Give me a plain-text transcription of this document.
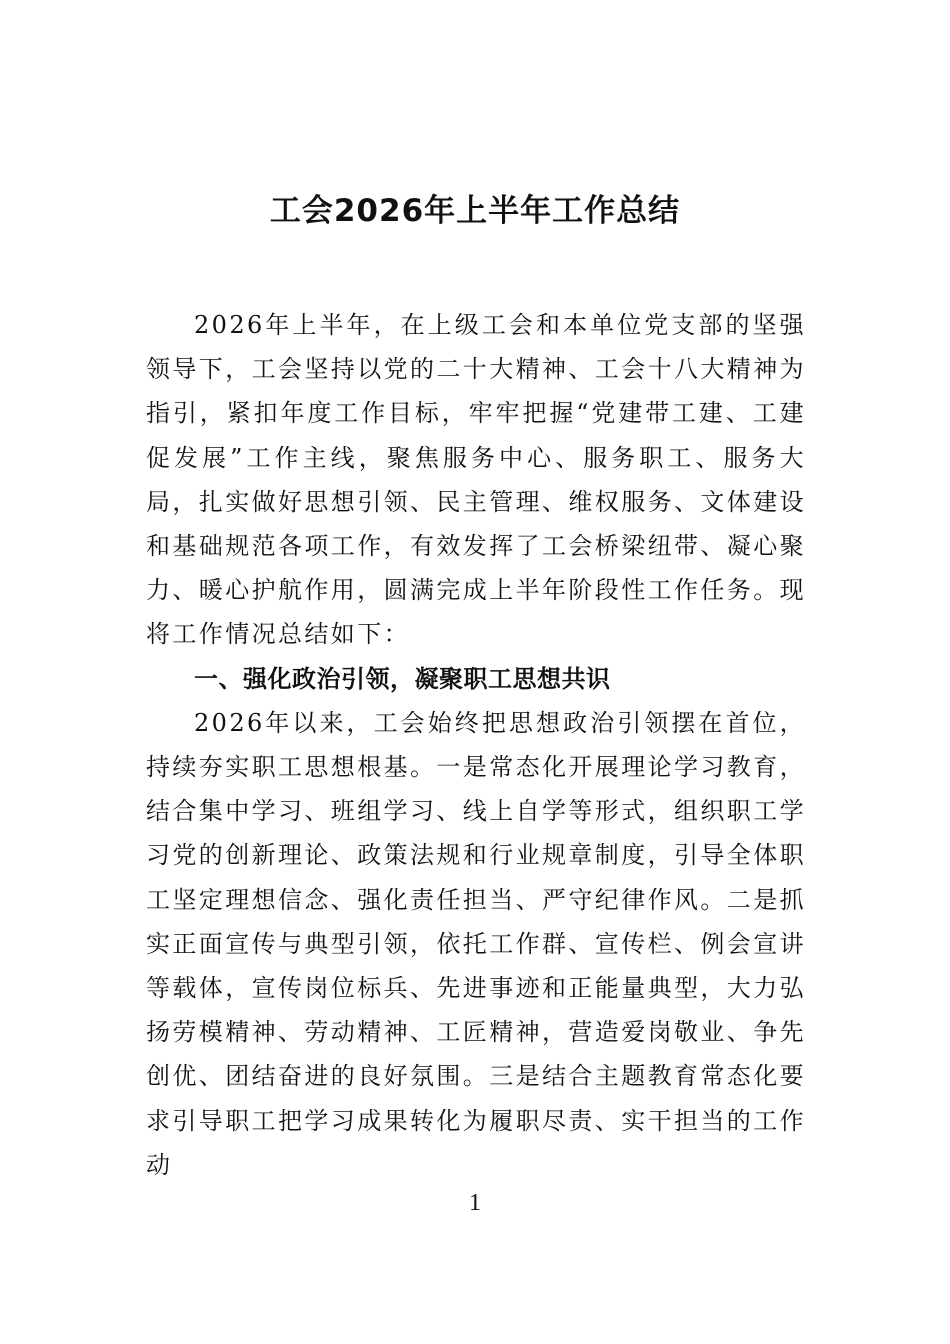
工会2026年上半年工作总结

2026年上半年，在上级工会和本单位党支部的坚强领导下，工会坚持以党的二十大精神、工会十八大精神为指引，紧扣年度工作目标，牢牢把握“党建带工建、工建促发展”工作主线，聚焦服务中心、服务职工、服务大局，扎实做好思想引领、民主管理、维权服务、文体建设和基础规范各项工作，有效发挥了工会桥梁纽带、凝心聚力、暖心护航作用，圆满完成上半年阶段性工作任务。现将工作情况总结如下：

一、强化政治引领，凝聚职工思想共识

2026年以来，工会始终把思想政治引领摆在首位，持续夯实职工思想根基。一是常态化开展理论学习教育，结合集中学习、班组学习、线上自学等形式，组织职工学习党的创新理论、政策法规和行业规章制度，引导全体职工坚定理想信念、强化责任担当、严守纪律作风。二是抓实正面宣传与典型引领，依托工作群、宣传栏、例会宣讲等载体，宣传岗位标兵、先进事迹和正能量典型，大力弘扬劳模精神、劳动精神、工匠精神，营造爱岗敬业、争先创优、团结奋进的良好氛围。三是结合主题教育常态化要求引导职工把学习成果转化为履职尽责、实干担当的工作动

1
